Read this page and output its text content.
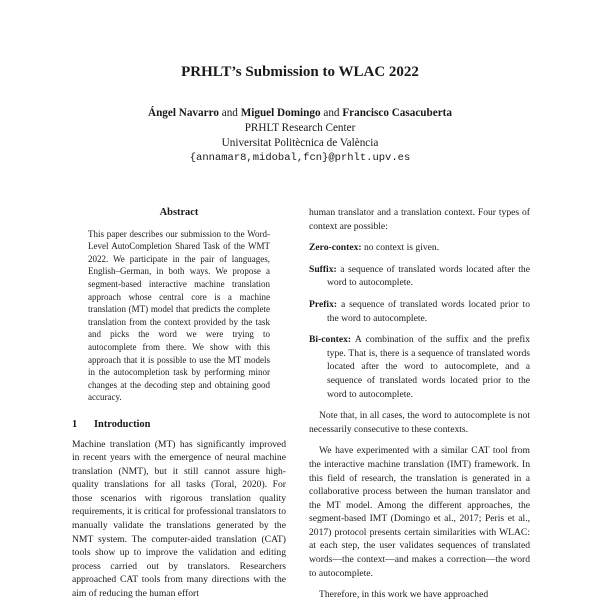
PRHLT’s Submission to WLAC 2022
Ángel Navarro and Miguel Domingo and Francisco Casacuberta
PRHLT Research Center
Universitat Politècnica de València
{annamar8,midobal,fcn}@prhlt.upv.es
Abstract

This paper describes our submission to the Word-Level AutoCompletion Shared Task of the WMT 2022. We participate in the pair of languages, English–German, in both ways. We propose a segment-based interactive machine translation approach whose central core is a machine translation (MT) model that predicts the complete translation from the context provided by the task and picks the word we were trying to autocomplete from there. We show with this approach that it is possible to use the MT models in the autocompletion task by performing minor changes at the decoding step and obtaining good accuracy.

1 Introduction

Machine translation (MT) has significantly improved in recent years with the emergence of neural machine translation (NMT), but it still cannot assure high-quality translations for all tasks (Toral, 2020). For those scenarios with rigorous translation quality requirements, it is critical for professional translators to manually validate the translations generated by the NMT system. The computer-aided translation (CAT) tools show up to improve the validation and editing process carried out by translators. Researchers approached CAT tools from many directions with the aim of reducing the human effort

human translator and a translation context. Four types of context are possible:

Zero-contex: no context is given.
Suffix: a sequence of translated words located after the word to autocomplete.
Prefix: a sequence of translated words located prior to the word to autocomplete.
Bi-contex: A combination of the suffix and the prefix type. That is, there is a sequence of translated words located after the word to autocomplete, and a sequence of translated words located prior to the word to autocomplete.

Note that, in all cases, the word to autocomplete is not necessarily consecutive to these contexts.

We have experimented with a similar CAT tool from the interactive machine translation (IMT) framework. In this field of research, the translation is generated in a collaborative process between the human translator and the MT model. Among the different approaches, the segment-based IMT (Domingo et al., 2017; Peris et al., 2017) protocol presents certain similarities with WLAC: at each step, the user validates sequences of translated words—the context—and makes a correction—the word to autocomplete.

Therefore, in this work we have approached
